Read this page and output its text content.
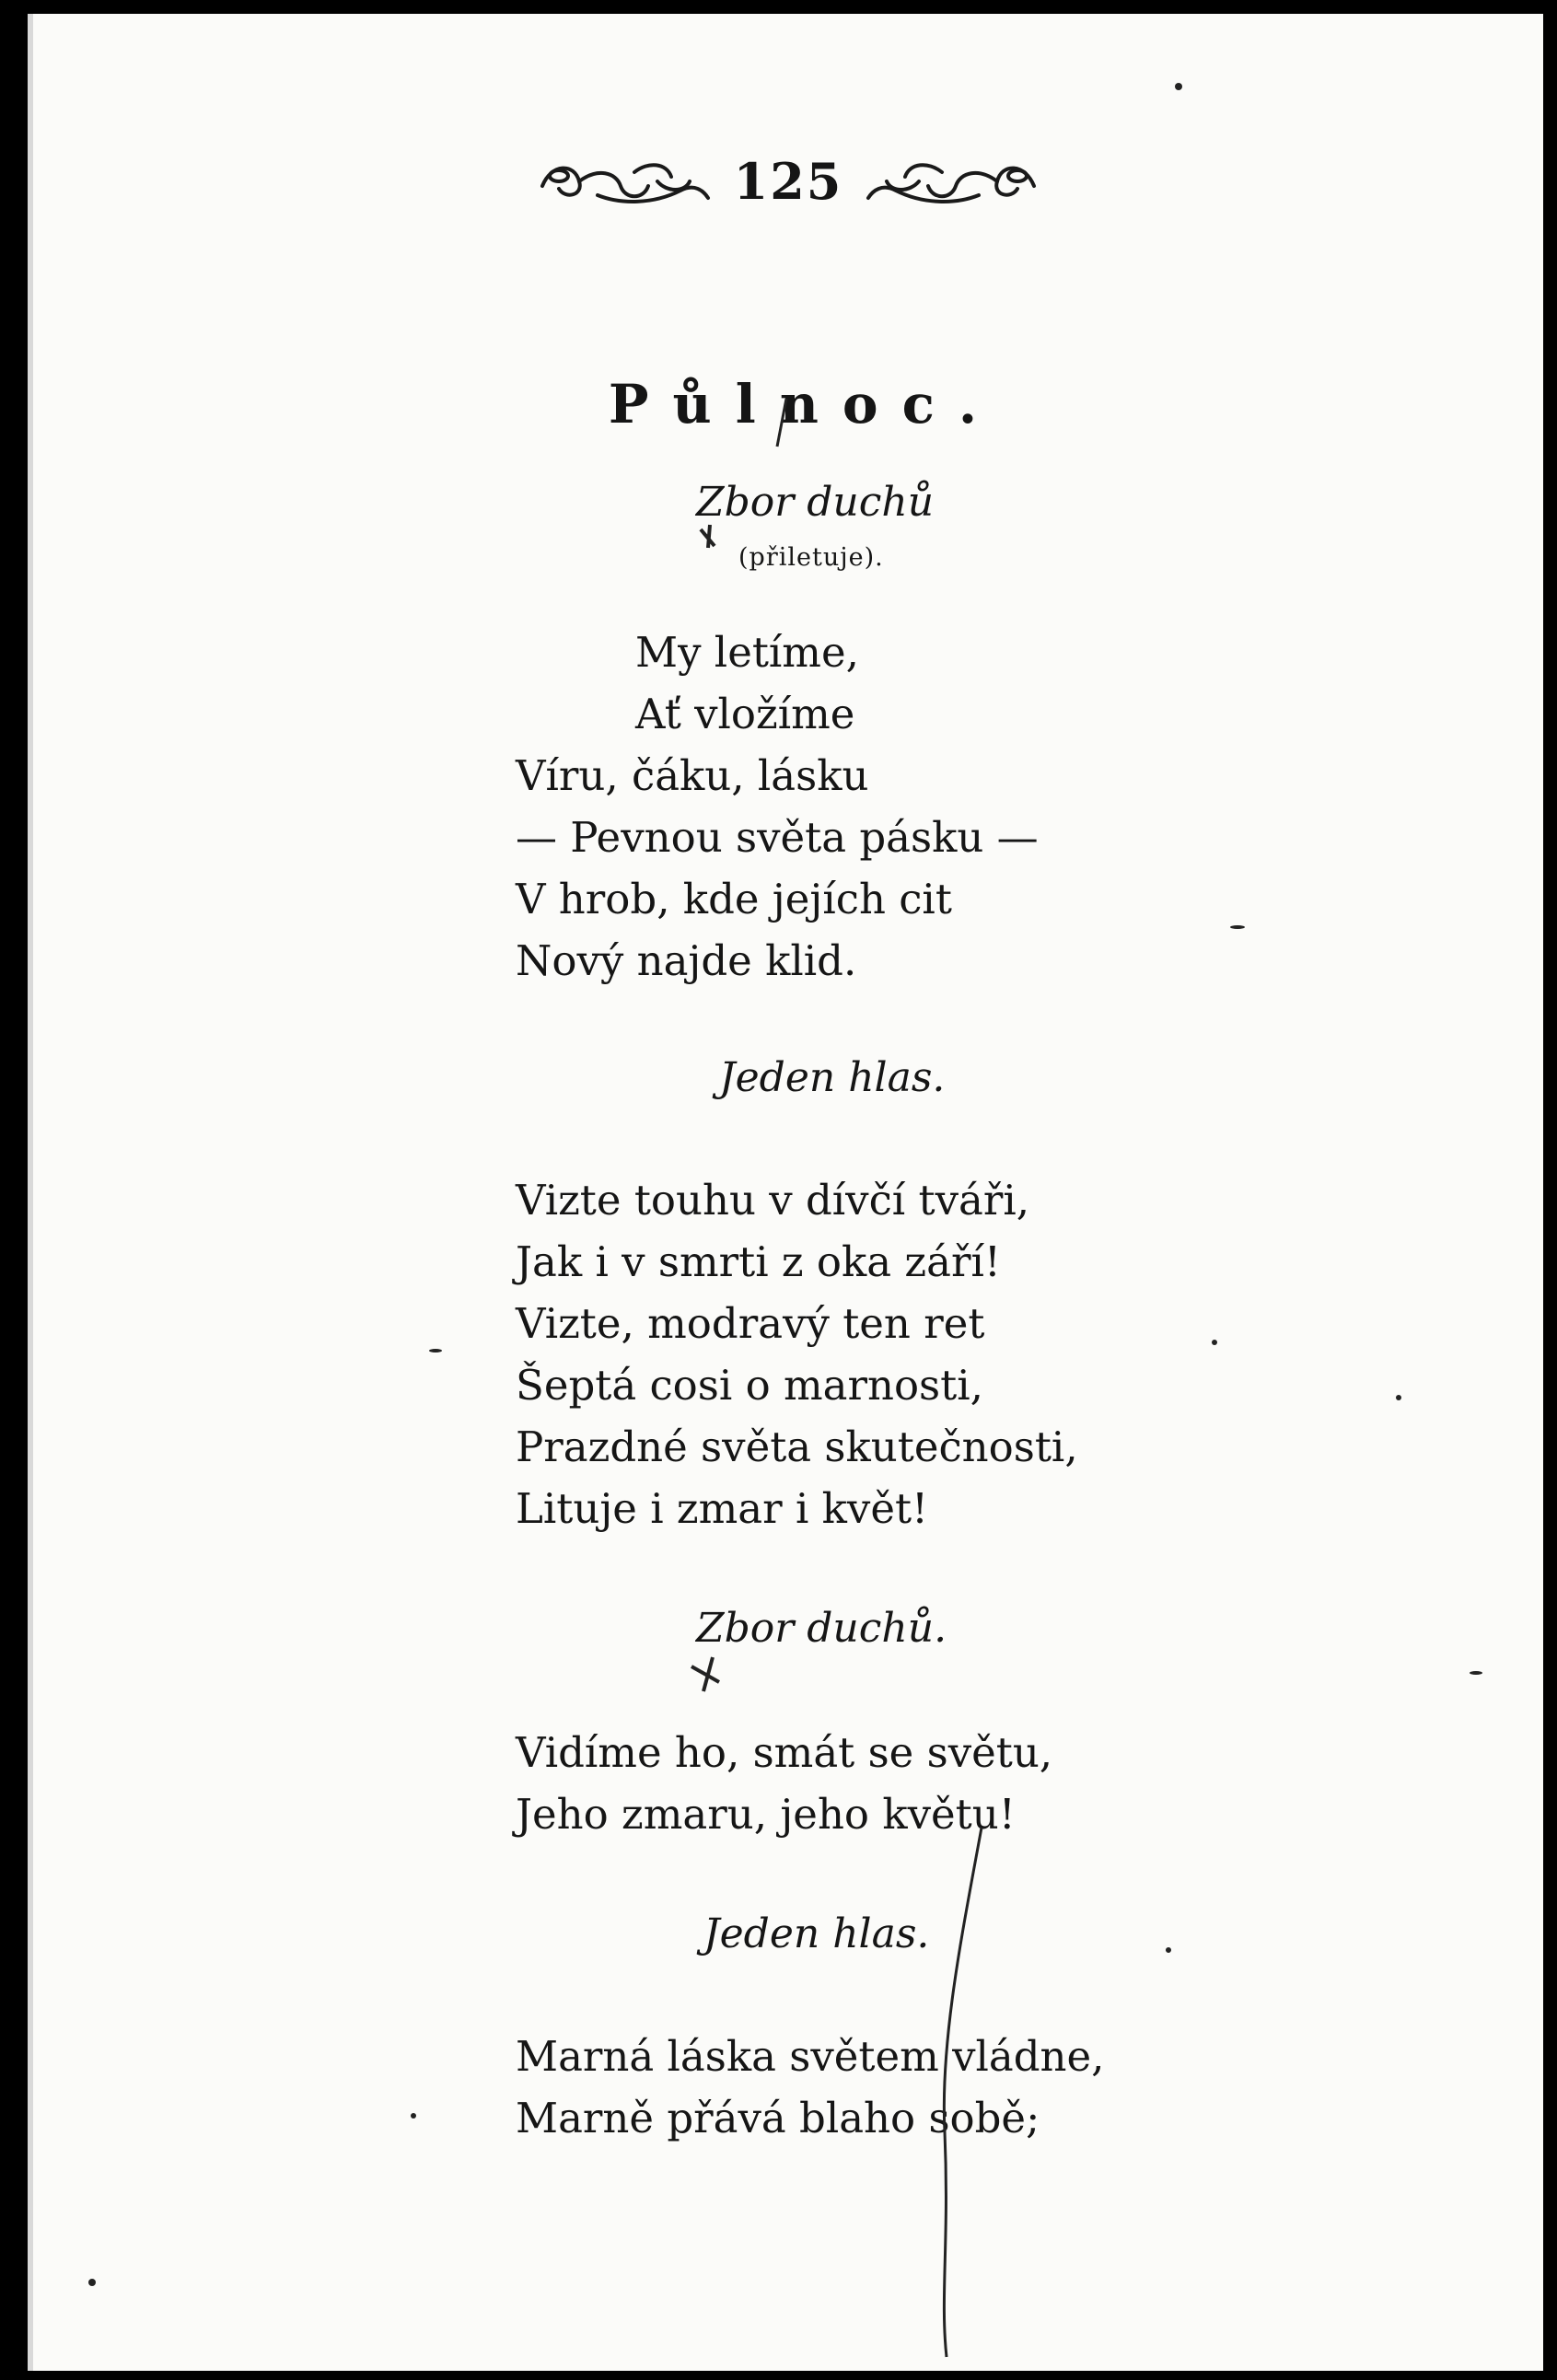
125
Půlnoc.
Zbor duchů
(přiletuje).
My letíme,
Ať vložíme
Víru, čáku, lásku
— Pevnou světa pásku —
V hrob, kde jejích cit
Nový najde klid.
Jeden hlas.
Vizte touhu v dívčí tváři,
Jak i v smrti z oka září!
Vizte, modravý ten ret
Šeptá cosi o marnosti,
Prazdné světa skutečnosti,
Lituje i zmar i květ!
Zbor duchů.
Vidíme ho, smát se světu,
Jeho zmaru, jeho květu!
Jeden hlas.
Marná láska světem vládne,
Marně přává blaho sobě;
